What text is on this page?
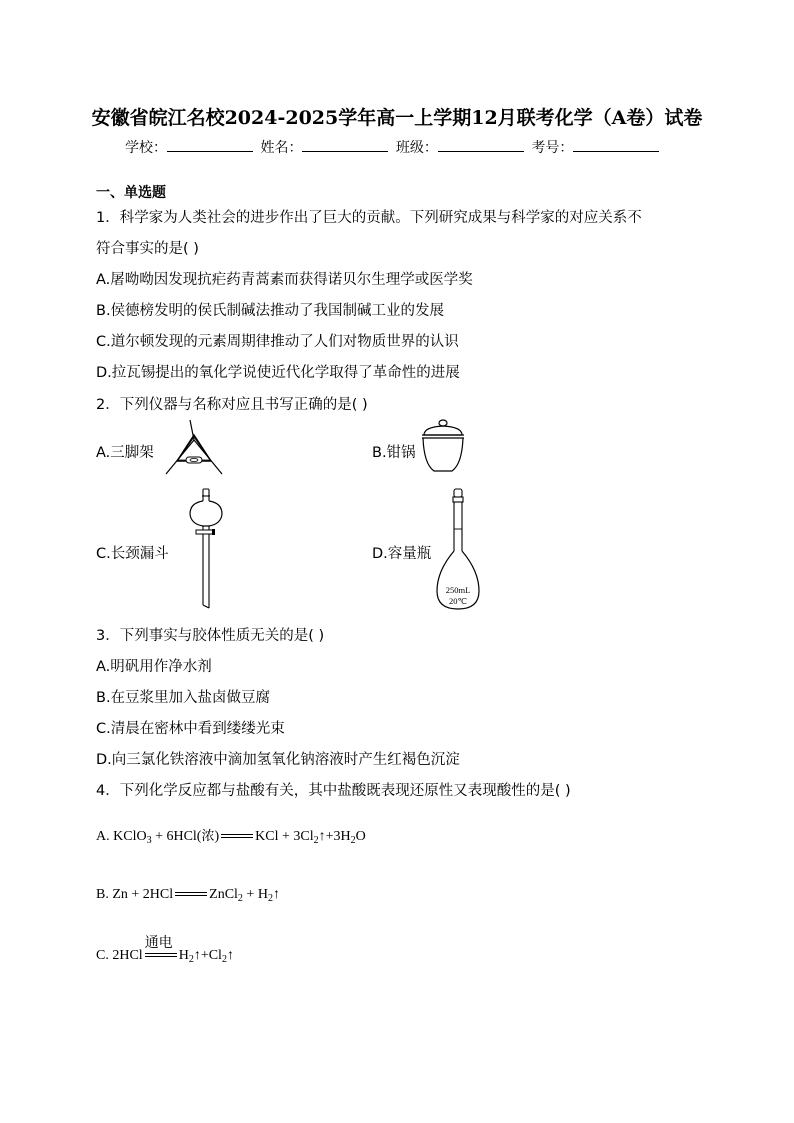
安徽省皖江名校2024-2025学年高一上学期12月联考化学（A卷）试卷
学校：	姓名：	班级：	考号：
一、单选题
1．科学家为人类社会的进步作出了巨大的贡献。下列研究成果与科学家的对应关系不
符合事实的是( )
A.屠呦呦因发现抗疟药青蒿素而获得诺贝尔生理学或医学奖
B.侯德榜发明的侯氏制碱法推动了我国制碱工业的发展
C.道尔顿发现的元素周期律推动了人们对物质世界的认识
D.拉瓦锡提出的氧化学说使近代化学取得了革命性的进展
2．下列仪器与名称对应且书写正确的是( )
A.三脚架	B.钳锅
C.长颈漏斗	D.容量瓶
250mL
20℃
3．下列事实与胶体性质无关的是( )
A.明矾用作净水剂
B.在豆浆里加入盐卤做豆腐
C.清晨在密林中看到缕缕光束
D.向三氯化铁溶液中滴加氢氧化钠溶液时产生红褐色沉淀
4．下列化学反应都与盐酸有关，其中盐酸既表现还原性又表现酸性的是( )
A. KClO$_3$ + 6HCl(浓)	KCl + $3Cl_2↑+3H_2O$
B. Zn + 2HCl	ZnCl$_2$ + $H_2↑$
C. 2HCl
通电
$H_2↑+Cl_2↑$
